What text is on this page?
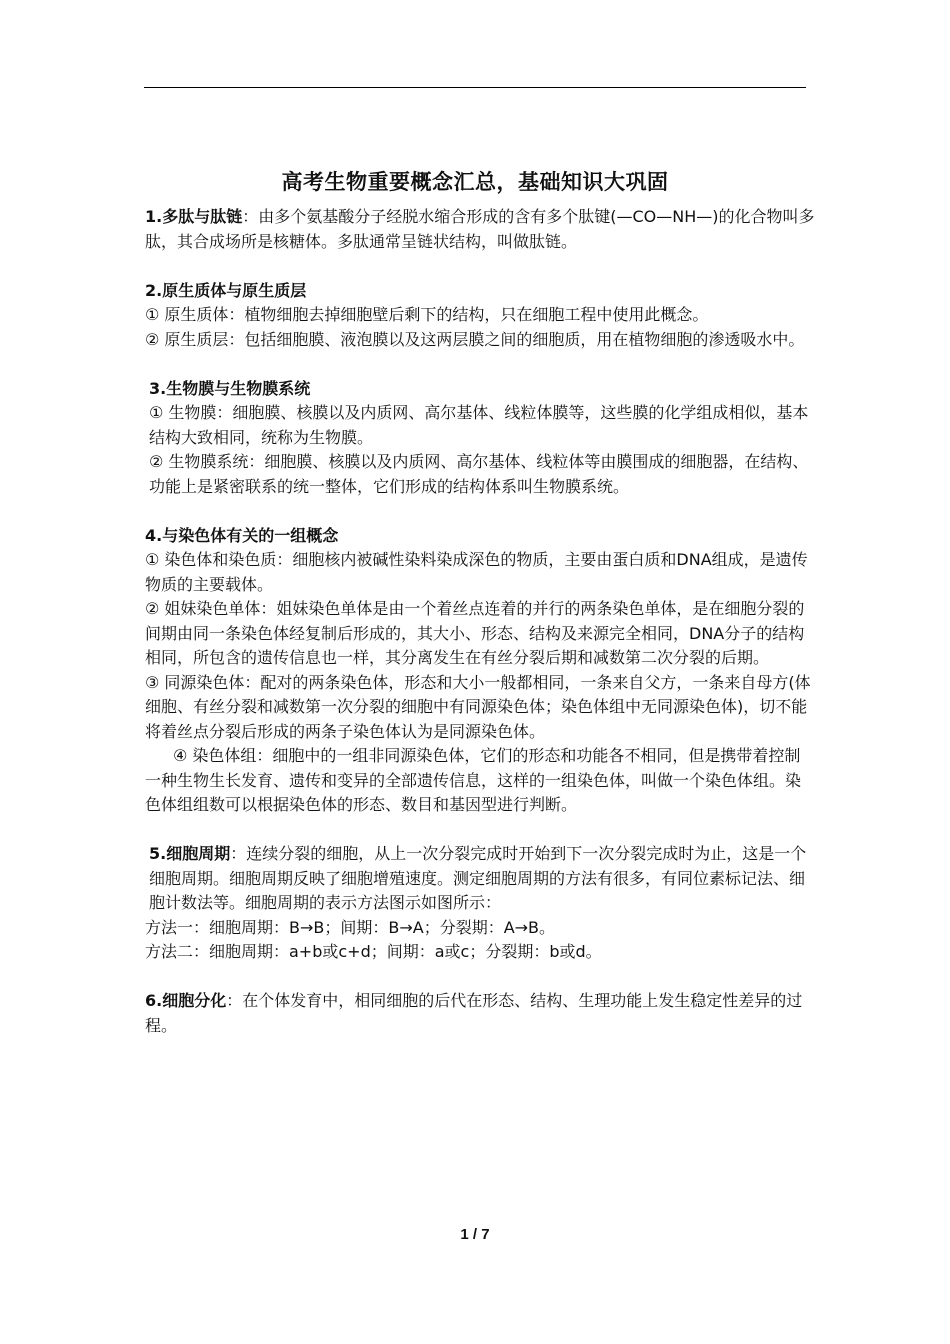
高考生物重要概念汇总，基础知识大巩固

1.多肽与肽链：由多个氨基酸分子经脱水缩合形成的含有多个肽键(—CO—NH—)的化合物叫多肽，其合成场所是核糖体。多肽通常呈链状结构，叫做肽链。

2.原生质体与原生质层

① 原生质体：植物细胞去掉细胞壁后剩下的结构，只在细胞工程中使用此概念。

② 原生质层：包括细胞膜、液泡膜以及这两层膜之间的细胞质，用在植物细胞的渗透吸水中。

3.生物膜与生物膜系统

① 生物膜：细胞膜、核膜以及内质网、高尔基体、线粒体膜等，这些膜的化学组成相似，基本结构大致相同，统称为生物膜。

② 生物膜系统：细胞膜、核膜以及内质网、高尔基体、线粒体等由膜围成的细胞器，在结构、功能上是紧密联系的统一整体，它们形成的结构体系叫生物膜系统。

4.与染色体有关的一组概念

① 染色体和染色质：细胞核内被碱性染料染成深色的物质，主要由蛋白质和DNA组成，是遗传物质的主要载体。

② 姐妹染色单体：姐妹染色单体是由一个着丝点连着的并行的两条染色单体，是在细胞分裂的间期由同一条染色体经复制后形成的，其大小、形态、结构及来源完全相同，DNA分子的结构相同，所包含的遗传信息也一样，其分离发生在有丝分裂后期和减数第二次分裂的后期。

③ 同源染色体：配对的两条染色体，形态和大小一般都相同，一条来自父方，一条来自母方(体细胞、有丝分裂和减数第一次分裂的细胞中有同源染色体；染色体组中无同源染色体)，切不能将着丝点分裂后形成的两条子染色体认为是同源染色体。

④ 染色体组：细胞中的一组非同源染色体，它们的形态和功能各不相同，但是携带着控制一种生物生长发育、遗传和变异的全部遗传信息，这样的一组染色体，叫做一个染色体组。染色体组组数可以根据染色体的形态、数目和基因型进行判断。

5.细胞周期：连续分裂的细胞，从上一次分裂完成时开始到下一次分裂完成时为止，这是一个细胞周期。细胞周期反映了细胞增殖速度。测定细胞周期的方法有很多，有同位素标记法、细胞计数法等。细胞周期的表示方法图示如图所示：

方法一：细胞周期：B→B；间期：B→A；分裂期：A→B。

方法二：细胞周期：a+b或c+d；间期：a或c；分裂期：b或d。

6.细胞分化：在个体发育中，相同细胞的后代在形态、结构、生理功能上发生稳定性差异的过程。

1 / 7
